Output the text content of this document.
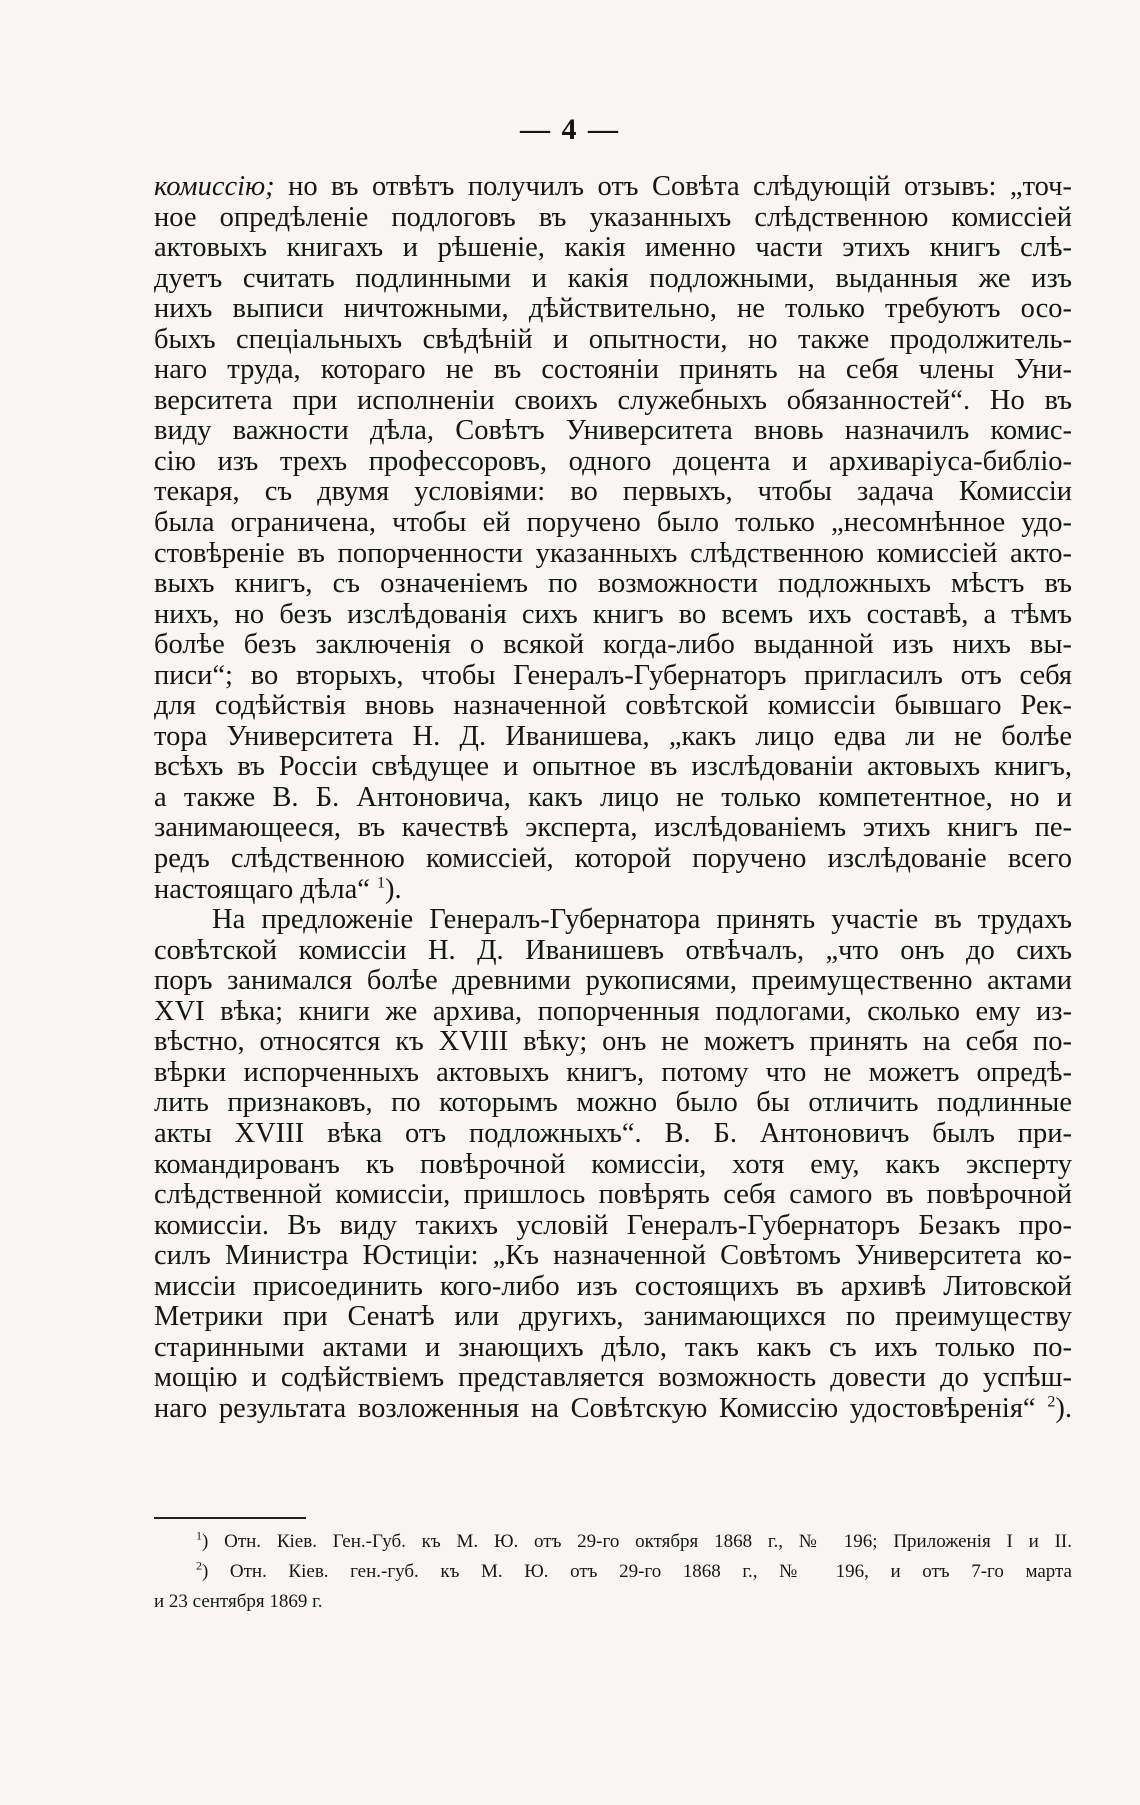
— 4 —
комиссію; но въ отвѣтъ получилъ отъ Совѣта слѣдующій отзывъ: „точ-
ное опредѣленіе подлоговъ въ указанныхъ слѣдственною комиссіей
актовыхъ книгахъ и рѣшеніе, какія именно части этихъ книгъ слѣ-
дуетъ считать подлинными и какія подложными, выданныя же изъ
нихъ выписи ничтожными, дѣйствительно, не только требуютъ осо-
быхъ спеціальныхъ свѣдѣній и опытности, но также продолжитель-
наго труда, котораго не въ состояніи принять на себя члены Уни-
верситета при исполненіи своихъ служебныхъ обязанностей“. Но въ
виду важности дѣла, Совѣтъ Университета вновь назначилъ комис-
сію изъ трехъ профессоровъ, одного доцента и архиваріуса-библіо-
текаря, съ двумя условіями: во первыхъ, чтобы задача Комиссіи
была ограничена, чтобы ей поручено было только „несомнѣнное удо-
стовѣреніе въ попорченности указанныхъ слѣдственною комиссіей акто-
выхъ книгъ, съ означеніемъ по возможности подложныхъ мѣстъ въ
нихъ, но безъ изслѣдованія сихъ книгъ во всемъ ихъ составѣ, а тѣмъ
болѣе безъ заключенія о всякой когда-либо выданной изъ нихъ вы-
писи“; во вторыхъ, чтобы Генералъ-Губернаторъ пригласилъ отъ себя
для содѣйствія вновь назначенной совѣтской комиссіи бывшаго Рек-
тора Университета Н. Д. Иванишева, „какъ лицо едва ли не болѣе
всѣхъ въ Россіи свѣдущее и опытное въ изслѣдованіи актовыхъ книгъ,
а также В. Б. Антоновича, какъ лицо не только компетентное, но и
занимающееся, въ качествѣ эксперта, изслѣдованіемъ этихъ книгъ пе-
редъ слѣдственною комиссіей, которой поручено изслѣдованіе всего
настоящаго дѣла“ $^1$).
На предложеніе Генералъ-Губернатора принять участіе въ трудахъ
совѣтской комиссіи Н. Д. Иванишевъ отвѣчалъ, „что онъ до сихъ
поръ занимался болѣе древними рукописями, преимущественно актами
XVI вѣка; книги же архива, попорченныя подлогами, сколько ему из-
вѣстно, относятся къ XVIII вѣку; онъ не можетъ принять на себя по-
вѣрки испорченныхъ актовыхъ книгъ, потому что не можетъ опредѣ-
лить признаковъ, по которымъ можно было бы отличить подлинные
акты XVIII вѣка отъ подложныхъ“. В. Б. Антоновичъ былъ при-
командированъ къ повѣрочной комиссіи, хотя ему, какъ эксперту
слѣдственной комиссіи, пришлось повѣрять себя самого въ повѣрочной
комиссіи. Въ виду такихъ условій Генералъ-Губернаторъ Безакъ про-
силъ Министра Юстиціи: „Къ назначенной Совѣтомъ Университета ко-
миссіи присоединить кого-либо изъ состоящихъ въ архивѣ Литовской
Метрики при Сенатѣ или другихъ, занимающихся по преимуществу
старинными актами и знающихъ дѣло, такъ какъ съ ихъ только по-
мощію и содѣйствіемъ представляется возможность довести до успѣш-
наго результата возложенныя на Совѣтскую Комиссію удостовѣренія“ $^2$).
$^1$) Отн. Кіев. Ген.-Губ. къ М. Ю. отъ 29-го октября 1868 г., № 196; Приложенія I и II.
$^2$) Отн. Кіев. ген.-губ. къ М. Ю. отъ 29-го 1868 г., № 196, и отъ 7-го марта
и 23 сентября 1869 г.
